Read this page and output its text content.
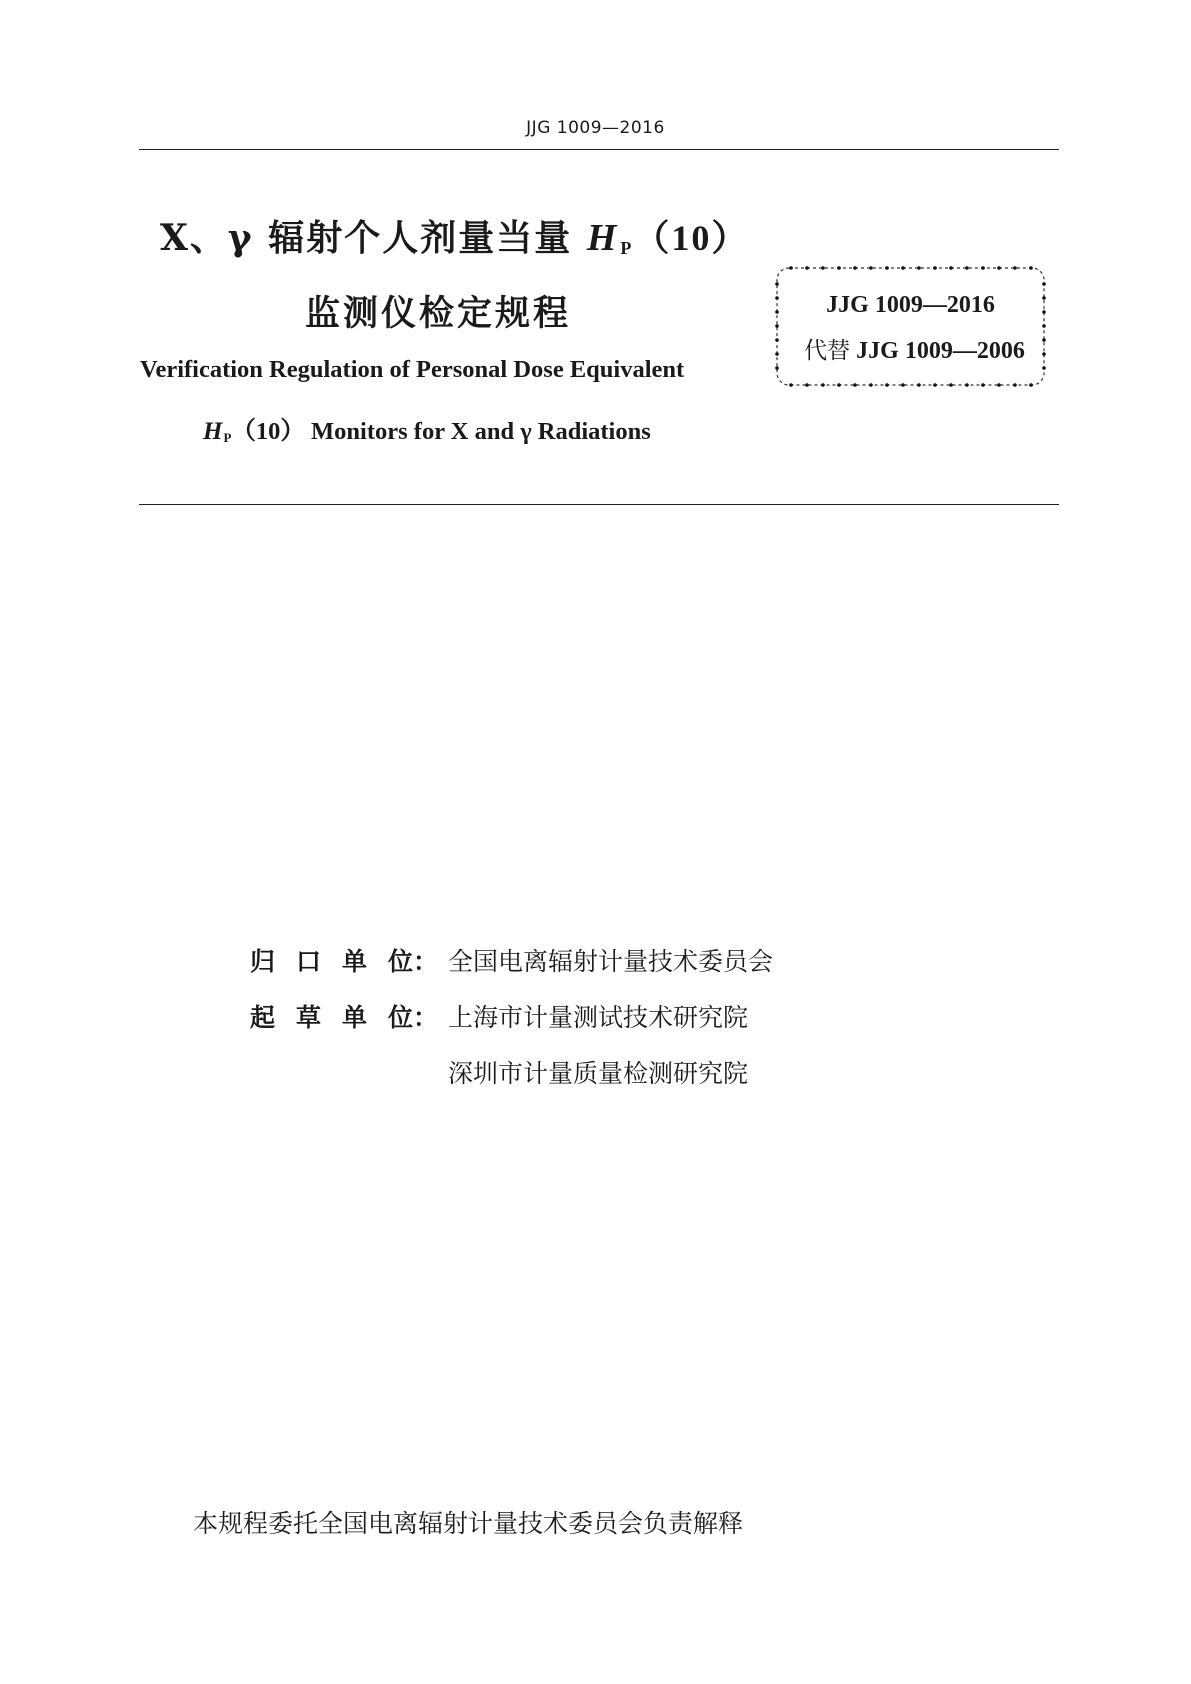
JJG 1009—2016
X、γ 辐射个人剂量当量 H $_P$（10）
监测仪检定规程
Verification Regulation of Personal Dose Equivalent
$H_P(10)$ Monitors for X and γ Radiations
JJG 1009—2016
代替 JJG 1009—2006
归 口 单 位： 全国电离辐射计量技术委员会
起 草 单 位： 上海市计量测试技术研究院
深圳市计量质量检测研究院
本规程委托全国电离辐射计量技术委员会负责解释
